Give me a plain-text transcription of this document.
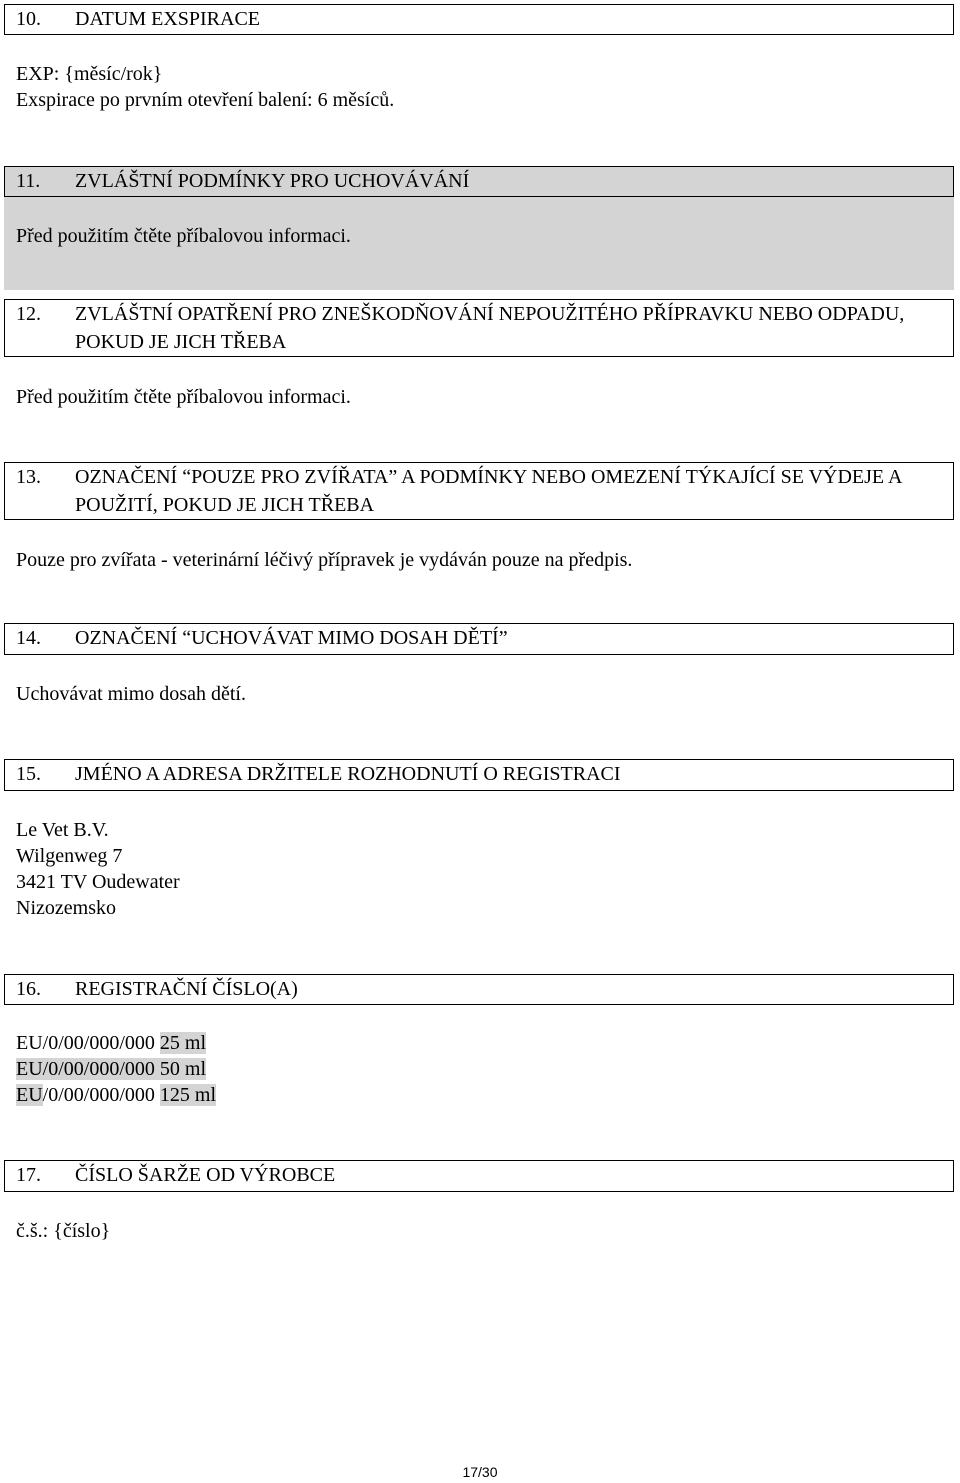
10. DATUM EXSPIRACE
EXP: {měsíc/rok}
Exspirace po prvním otevření balení: 6 měsíců.
11. ZVLÁŠTNÍ PODMÍNKY PRO UCHOVÁVÁNÍ
Před použitím čtěte příbalovou informaci.
12. ZVLÁŠTNÍ OPATŘENÍ PRO ZNEŠKODŇOVÁNÍ NEPOUŽITÉHO PŘÍPRAVKU NEBO ODPADU, POKUD JE JICH TŘEBA
Před použitím čtěte příbalovou informaci.
13. OZNAČENÍ “POUZE PRO ZVÍŘATA” A PODMÍNKY NEBO OMEZENÍ TÝKAJÍCÍ SE VÝDEJE A POUŽITÍ, POKUD JE JICH TŘEBA
Pouze pro zvířata - veterinární léčivý přípravek je vydáván pouze na předpis.
14. OZNAČENÍ “UCHOVÁVAT MIMO DOSAH DĚTÍ”
Uchovávat mimo dosah dětí.
15. JMÉNO A ADRESA DRŽITELE ROZHODNUTÍ O REGISTRACI
Le Vet B.V.
Wilgenweg 7
3421 TV Oudewater
Nizozemsko
16. REGISTRAČNÍ ČÍSLO(A)
EU/0/00/000/000 25 ml
EU/0/00/000/000 50 ml
EU/0/00/000/000 125 ml
17. ČÍSLO ŠARŽE OD VÝROBCE
č.š.: {číslo}
17/30
